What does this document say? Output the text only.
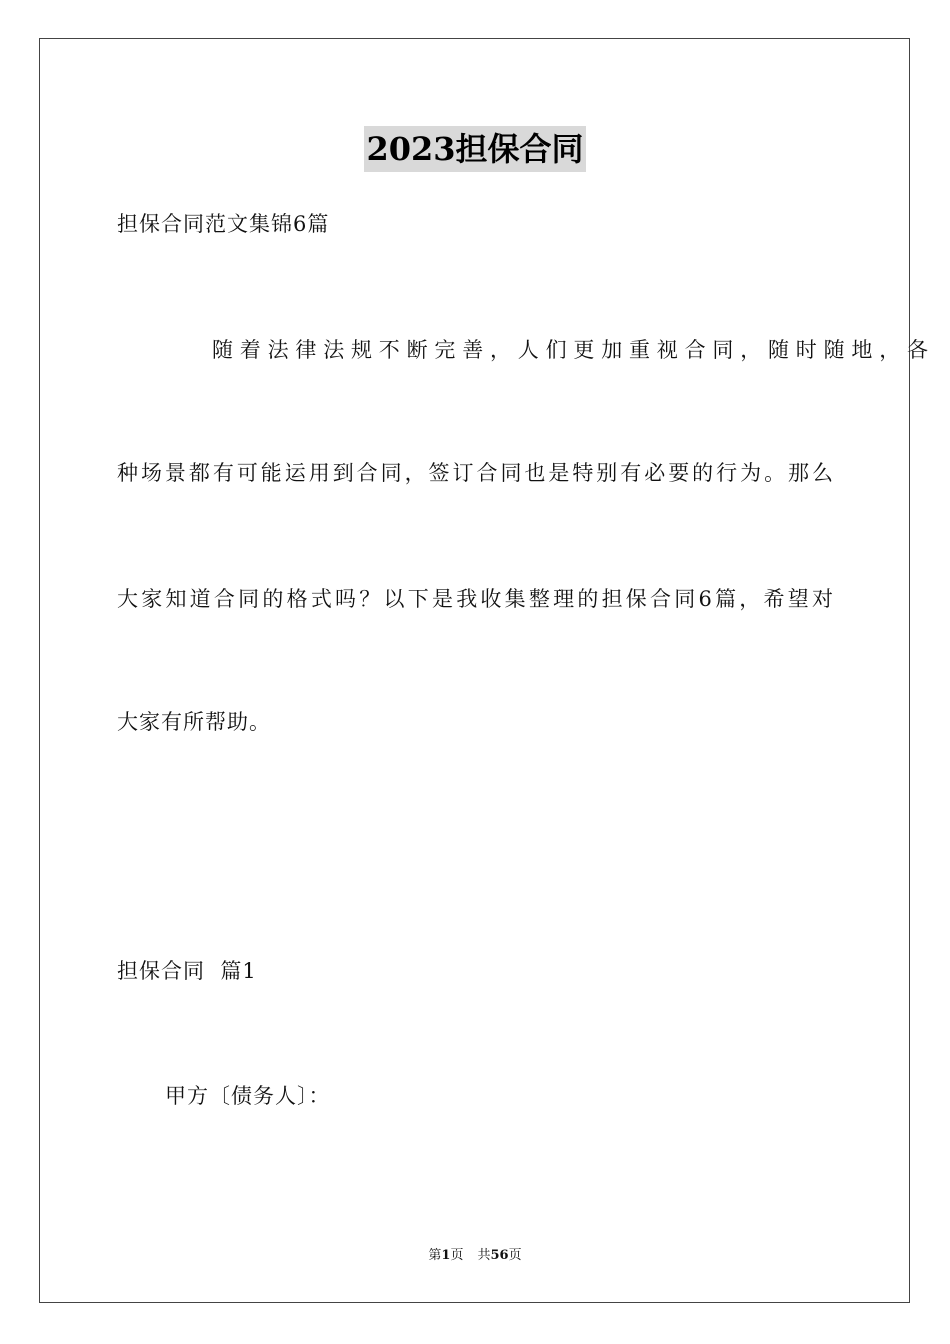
2023担保合同
担保合同范文集锦6篇
随着法律法规不断完善，人们更加重视合同，随时随地，各
种场景都有可能运用到合同，签订合同也是特别有必要的行为。那么
大家知道合同的格式吗？以下是我收集整理的担保合同6篇，希望对
大家有所帮助。
担保合同  篇1
甲方〔债务人〕：
第1页 共56页
